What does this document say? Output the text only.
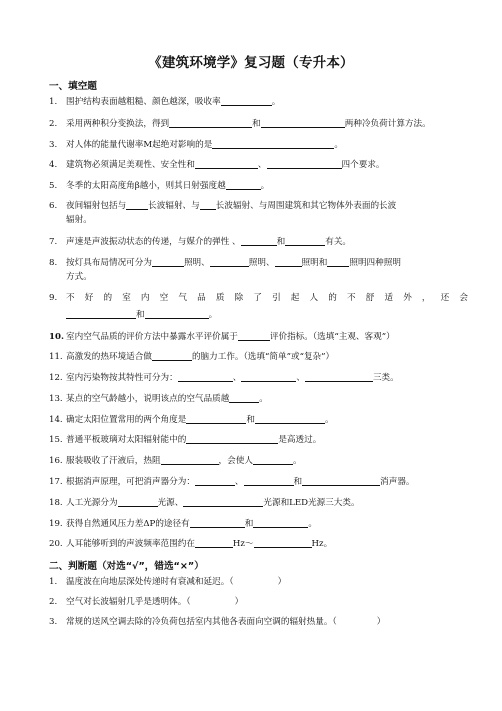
《建筑环境学》复习题（专升本）
一、填空题
1. 围护结构表面越粗糙、颜色越深，吸收率	。
2. 采用两种积分变换法，得到	和	两种冷负荷计算方法。
3. 对人体的能量代谢率M起绝对影响的是	。
4. 建筑物必须满足美观性、安全性和	、	四个要求。
5. 冬季的太阳高度角β越小，则其日射强度越	。
6. 夜间辐射包括与	长波辐射、与 长波辐射、与周围建筑和其它物体外表面的长波
辐射。
7. 声速是声波振动状态的传递，与媒介的弹性 、	和	有关。
8. 按灯具布局情况可分为	照明、	照明、	照明和	照明四种照明
方式。
9. 不 好 的 室 内 空 气 品 质 除 了 引 起 人 的 不 舒 适 外 ， 还 会
和	。
10. 室内空气品质的评价方法中暴露水平评价属于	评价指标。（选填“主观、客观”）
11. 高激发的热环境适合做	的脑力工作。（选填“简单”或“复杂”）
12. 室内污染物按其特性可分为：	、	、	三类。
13. 某点的空气龄越小，说明该点的空气品质越	。
14. 确定太阳位置常用的两个角度是	和	。
15. 普通平板玻璃对太阳辐射能中的	是高透过。
16. 服装吸收了汗液后，热阻	，会使人	。
17. 根据消声原理，可把消声器分为：	、	和	消声器。
18. 人工光源分为	光源、	光源和LED光源三大类。
19. 获得自然通风压力差ΔP的途径有	和	。
20. 人耳能够听到的声波频率范围约在	Hz～	Hz。
二、判断题（对选“√”，错选“×”）
1. 温度波在向地层深处传递时有衰减和延迟。（	）
2. 空气对长波辐射几乎是透明体。（	）
3. 常规的送风空调去除的冷负荷包括室内其他各表面向空调的辐射热量。（	）
